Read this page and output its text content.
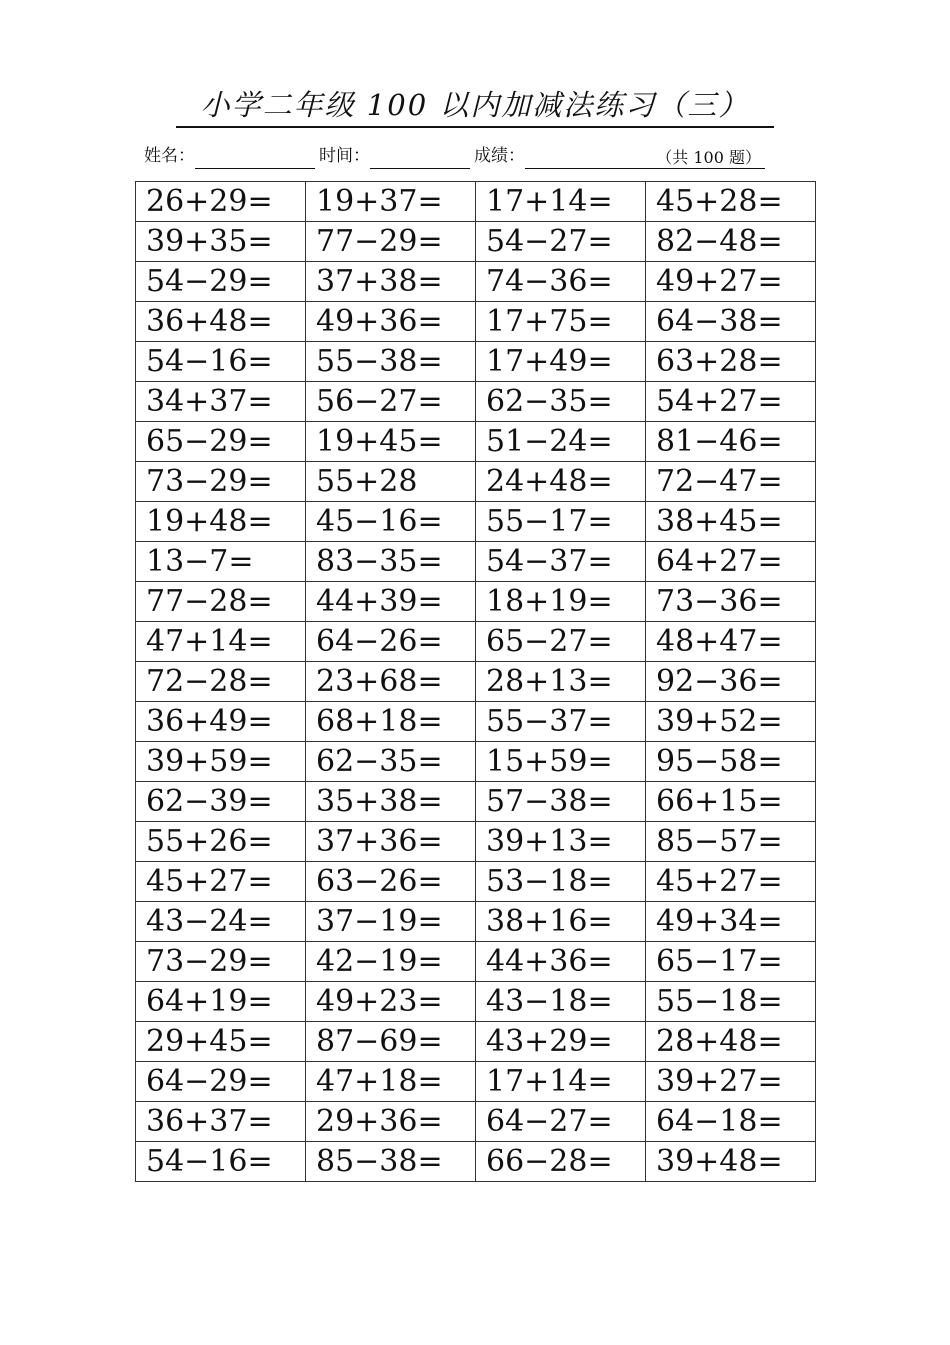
小学二年级 100 以内加减法练习（三）
姓名：	时间：	成绩：	（共 100 题）
26+29=	19+37=	17+14=	45+28=
39+35=	77−29=	54−27=	82−48=
54−29=	37+38=	74−36=	49+27=
36+48=	49+36=	17+75=	64−38=
54−16=	55−38=	17+49=	63+28=
34+37=	56−27=	62−35=	54+27=
65−29=	19+45=	51−24=	81−46=
73−29=	55+28	24+48=	72−47=
19+48=	45−16=	55−17=	38+45=
13−7=	83−35=	54−37=	64+27=
77−28=	44+39=	18+19=	73−36=
47+14=	64−26=	65−27=	48+47=
72−28=	23+68=	28+13=	92−36=
36+49=	68+18=	55−37=	39+52=
39+59=	62−35=	15+59=	95−58=
62−39=	35+38=	57−38=	66+15=
55+26=	37+36=	39+13=	85−57=
45+27=	63−26=	53−18=	45+27=
43−24=	37−19=	38+16=	49+34=
73−29=	42−19=	44+36=	65−17=
64+19=	49+23=	43−18=	55−18=
29+45=	87−69=	43+29=	28+48=
64−29=	47+18=	17+14=	39+27=
36+37=	29+36=	64−27=	64−18=
54−16=	85−38=	66−28=	39+48=
